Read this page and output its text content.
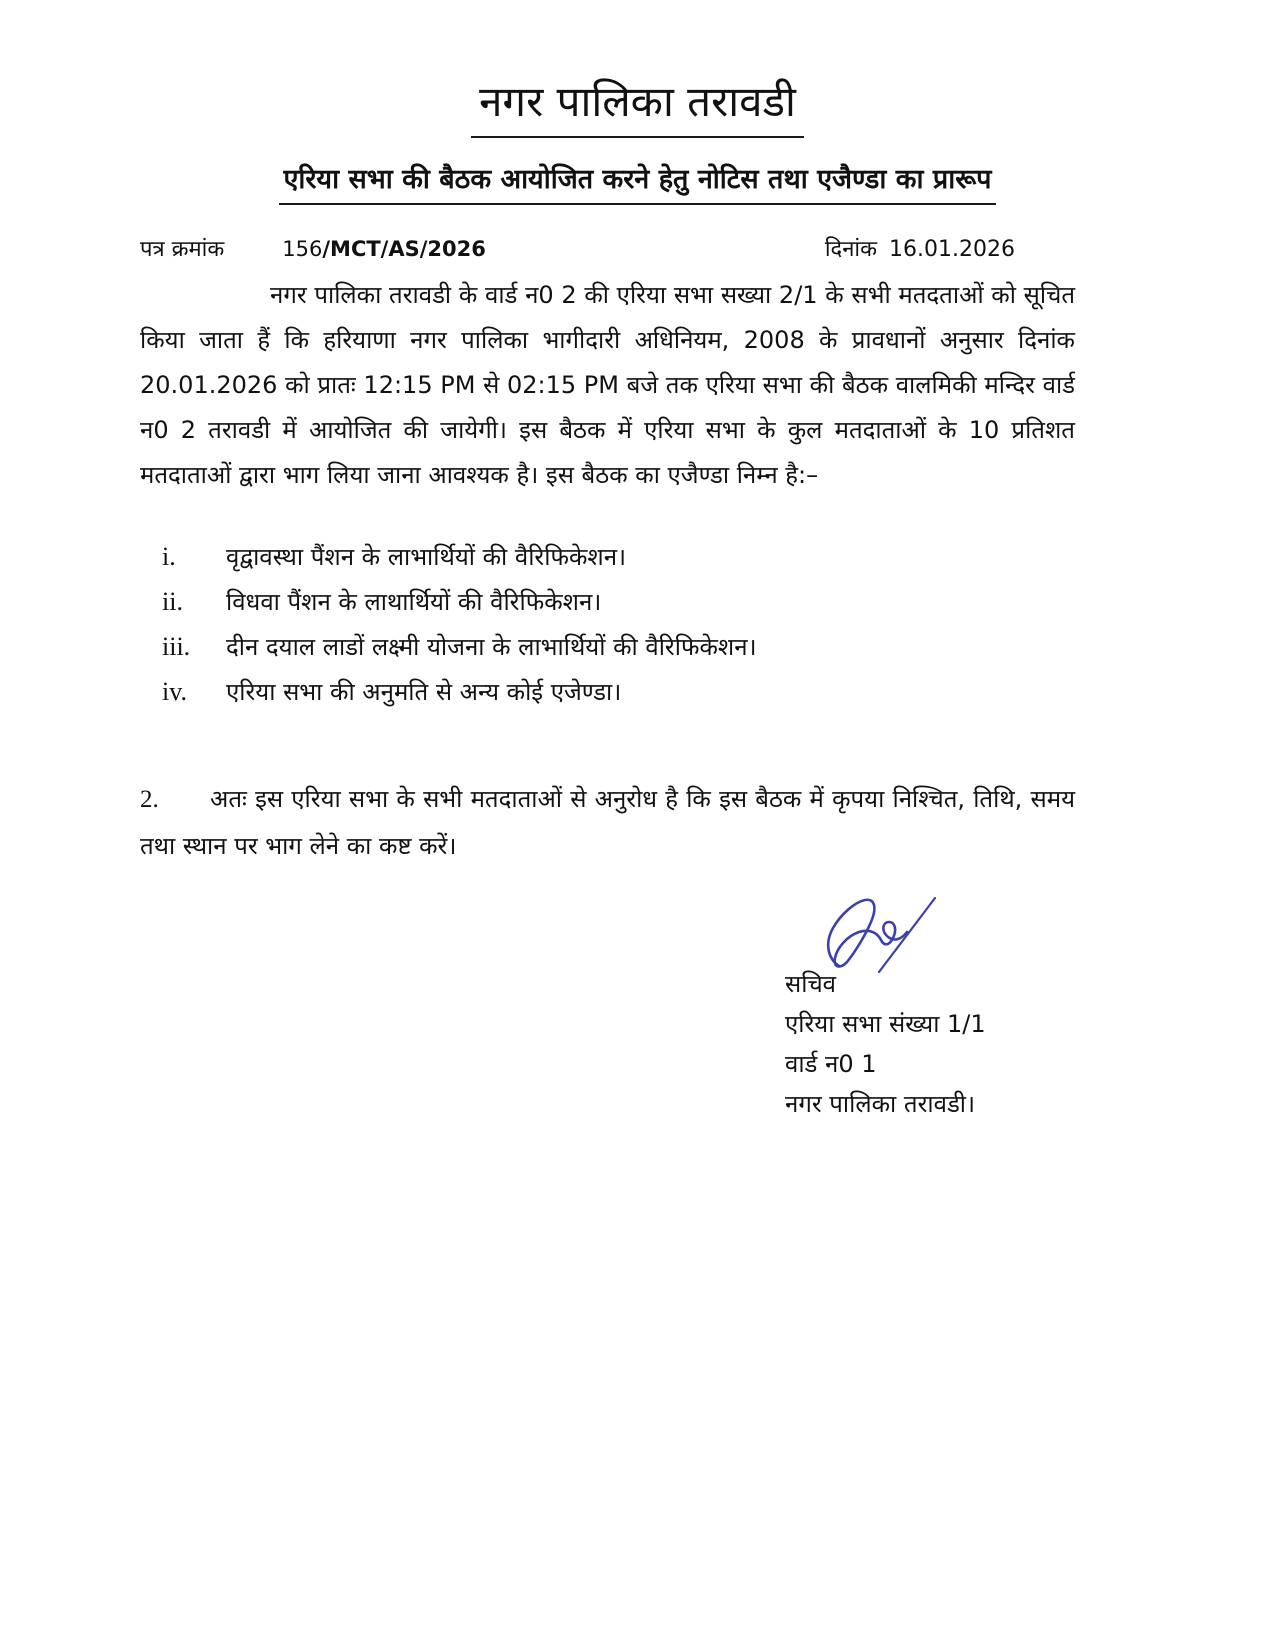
नगर पालिका तरावडी
एरिया सभा की बैठक आयोजित करने हेतु नोटिस तथा एजैण्डा का प्रारूप
पत्र क्रमांक	156/MCT/AS/2026	दिनांक 16.01.2026

नगर पालिका तरावडी के वार्ड न0 2 की एरिया सभा सख्या 2/1 के सभी मतदताओं को सूचित किया जाता हैं कि हरियाणा नगर पालिका भागीदारी अधिनियम, 2008 के प्रावधानों अनुसार दिनांक 20.01.2026 को प्रातः 12:15 PM से 02:15 PM बजे तक एरिया सभा की बैठक वालमिकी मन्दिर वार्ड न0 2 तरावडी में आयोजित की जायेगी। इस बैठक में एरिया सभा के कुल मतदाताओं के 10 प्रतिशत मतदाताओं द्वारा भाग लिया जाना आवश्यक है। इस बैठक का एजैण्डा निम्न है:–

i.	वृद्वावस्था पैंशन के लाभार्थियों की वैरिफिकेशन।
ii.	विधवा पैंशन के लाथार्थियों की वैरिफिकेशन।
iii.	दीन दयाल लाडों लक्ष्मी योजना के लाभार्थियों की वैरिफिकेशन।
iv.	एरिया सभा की अनुमति से अन्य कोई एजेण्डा।
2.	अतः इस एरिया सभा के सभी मतदाताओं से अनुरोध है कि इस बैठक में कृपया निश्चित, तिथि, समय तथा स्थान पर भाग लेने का कष्ट करें।
सचिव
एरिया सभा संख्या 1/1
वार्ड न0 1
नगर पालिका तरावडी।
